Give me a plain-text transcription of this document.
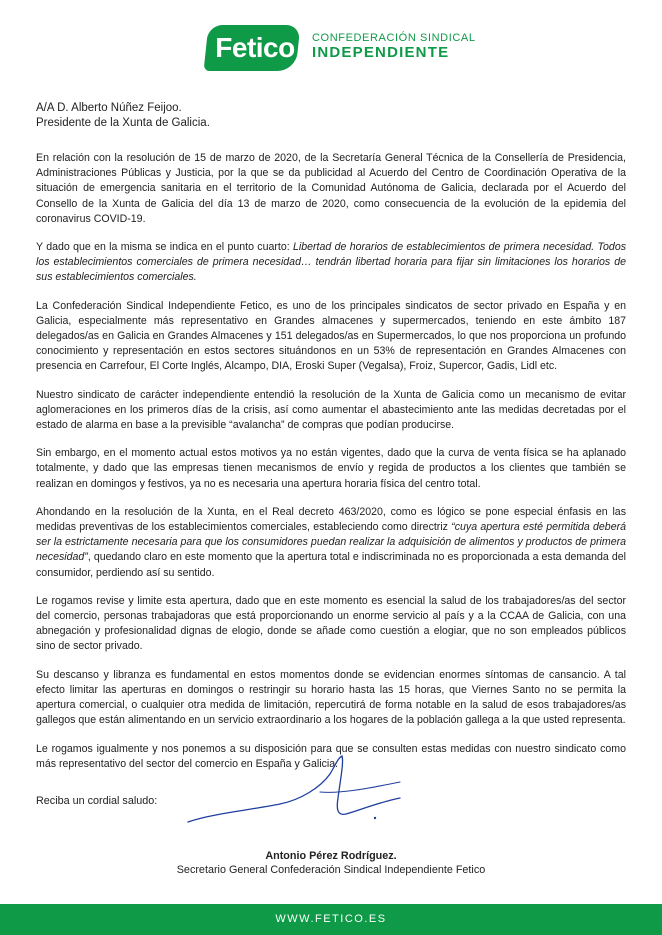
Fetico CONFEDERACIÓN SINDICAL
INDEPENDIENTE
A/A D. Alberto Núñez Feijoo.
Presidente de la Xunta de Galicia.

En relación con la resolución de 15 de marzo de 2020, de la Secretaría General Técnica de la Consellería de Presidencia, Administraciones Públicas y Justicia, por la que se da publicidad al Acuerdo del Centro de Coordinación Operativa de la situación de emergencia sanitaria en el territorio de la Comunidad Autónoma de Galicia, declarada por el Acuerdo del Consello de la Xunta de Galicia del día 13 de marzo de 2020, como consecuencia de la evolución de la epidemia del coronavirus COVID-19.

Y dado que en la misma se indica en el punto cuarto: Libertad de horarios de establecimientos de primera necesidad. Todos los establecimientos comerciales de primera necesidad… tendrán libertad horaria para fijar sin limitaciones los horarios de sus establecimientos comerciales.

La Confederación Sindical Independiente Fetico, es uno de los principales sindicatos de sector privado en España y en Galicia, especialmente más representativo en Grandes almacenes y supermercados, teniendo en este ámbito 187 delegados/as en Galicia en Grandes Almacenes y 151 delegados/as en Supermercados, lo que nos proporciona un profundo conocimiento y representación en estos sectores situándonos en un 53% de representación en Grandes Almacenes con presencia en Carrefour, El Corte Inglés, Alcampo, DIA, Eroski Super (Vegalsa), Froiz, Supercor, Gadis, Lidl etc.

Nuestro sindicato de carácter independiente entendió la resolución de la Xunta de Galicia como un mecanismo de evitar aglomeraciones en los primeros días de la crisis, así como aumentar el abastecimiento ante las medidas decretadas por el estado de alarma en base a la previsible “avalancha” de compras que podían producirse.

Sin embargo, en el momento actual estos motivos ya no están vigentes, dado que la curva de venta física se ha aplanado totalmente, y dado que las empresas tienen mecanismos de envío y regida de productos a los clientes que también se realizan en domingos y festivos, ya no es necesaria una apertura horaria física del centro total.

Ahondando en la resolución de la Xunta, en el Real decreto 463/2020, como es lógico se pone especial énfasis en las medidas preventivas de los establecimientos comerciales, estableciendo como directriz “cuya apertura esté permitida deberá ser la estrictamente necesaria para que los consumidores puedan realizar la adquisición de alimentos y productos de primera necesidad”, quedando claro en este momento que la apertura total e indiscriminada no es proporcionada a esta demanda del consumidor, perdiendo así su sentido.

Le rogamos revise y limite esta apertura, dado que en este momento es esencial la salud de los trabajadores/as del sector del comercio, personas trabajadoras que está proporcionando un enorme servicio al país y a la CCAA de Galicia, con una abnegación y profesionalidad dignas de elogio, donde se añade como cuestión a elogiar, que no son empleados públicos sino de sector privado.

Su descanso y libranza es fundamental en estos momentos donde se evidencian enormes síntomas de cansancio. A tal efecto limitar las aperturas en domingos o restringir su horario hasta las 15 horas, que Viernes Santo no se permita la apertura comercial, o cualquier otra medida de limitación, repercutirá de forma notable en la salud de esos trabajadores/as gallegos que están alimentando en un servicio extraordinario a los hogares de la población gallega a la que usted representa.

Le rogamos igualmente y nos ponemos a su disposición para que se consulten estas medidas con nuestro sindicato como más representativo del sector del comercio en España y Galicia.

Reciba un cordial saludo:
Antonio Pérez Rodríguez.
Secretario General Confederación Sindical Independiente Fetico
WWW.FETICO.ES
